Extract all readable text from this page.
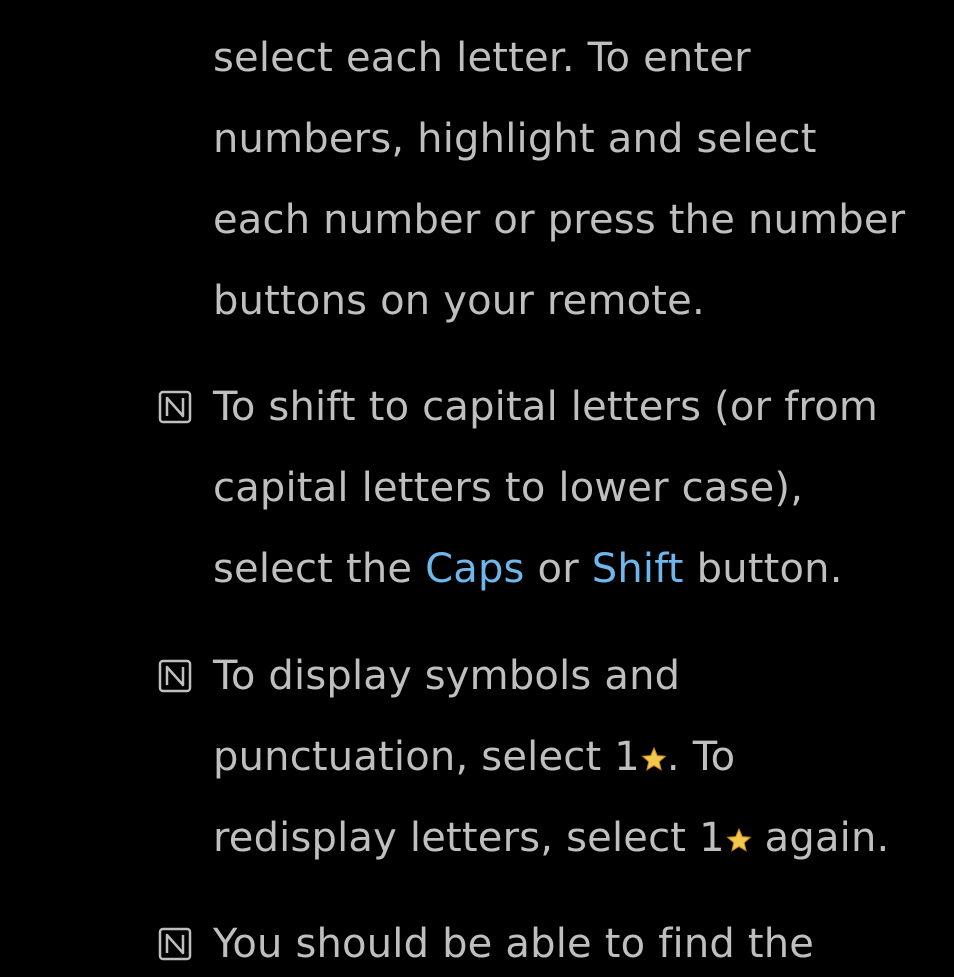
select each letter. To enter
numbers, highlight and select
each number or press the number
buttons on your remote.
To shift to capital letters (or from
capital letters to lower case),
select the Caps or Shift button.
To display symbols and
punctuation, select 1 . To
redisplay letters, select 1 again.
You should be able to find the
